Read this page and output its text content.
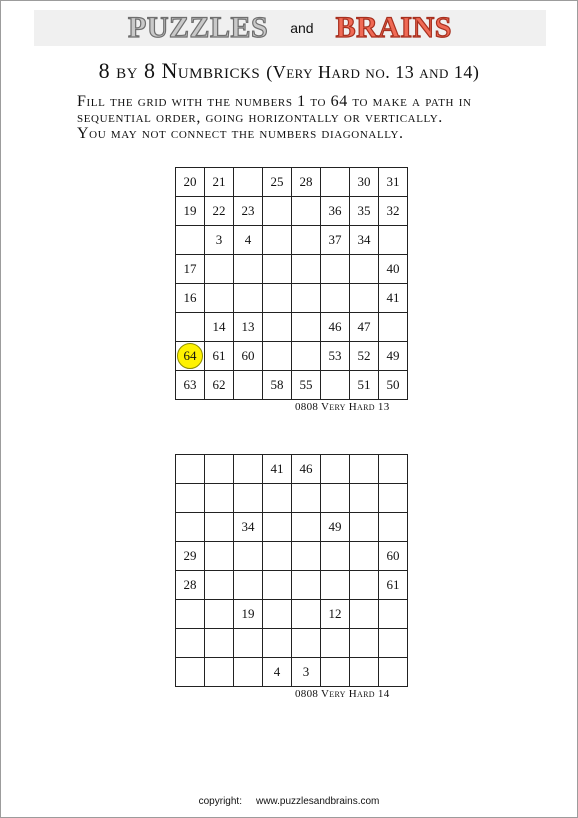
PUZZLES and BRAINS
8 by 8 Numbricks (Very Hard no. 13 and 14)
Fill the grid with the numbers 1 to 64 to make a path in
sequential order, going horizontally or vertically.
You may not connect the numbers diagonally.
20	21		25	28		30	31
19	22	23			36	35	32
	3	4			37	34	
17							40
16							41
	14	13			46	47	
64	61	60			53	52	49
63	62		58	55		51	50
0808 Very Hard 13
			41	46			

		34			49		
29							60
28							61
		19			12		

			4	3			
0808 Very Hard 14
copyright: www.puzzlesandbrains.com
